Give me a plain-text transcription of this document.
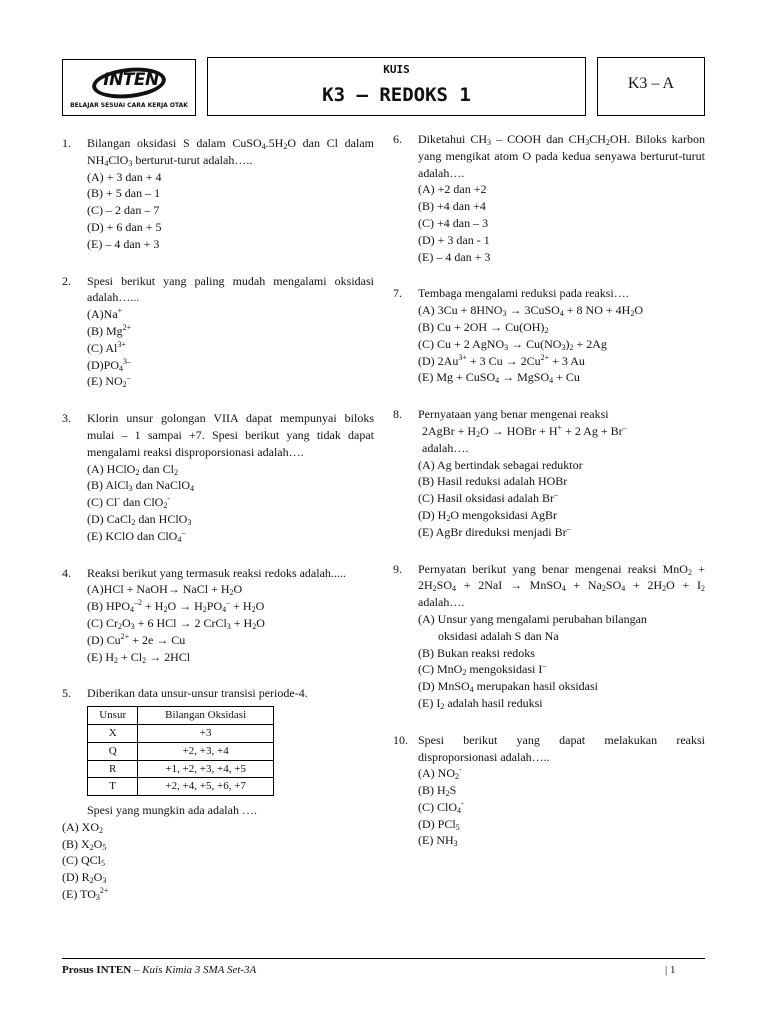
INTEN
BELAJAR SESUAI CARA KERJA OTAK
KUIS
K3 – REDOKS 1
K3 – A
1. Bilangan oksidasi S dalam $CuSO_4.5H_2O$ dan Cl dalam $NH_4ClO_3$ berturut-turut adalah…..
(A) + 3 dan + 4
(B) + 5 dan – 1
(C) – 2 dan – 7
(D) + 6 dan + 5
(E) – 4 dan + 3
2. Spesi berikut yang paling mudah mengalami oksidasi adalah…...
(A)Na+
(B) $Mg^{2+}$
(C) $Al^{3+}$
$(D)PO_4^{3-}$
(E) $NO_2^-$
3. Klorin unsur golongan VIIA dapat mempunyai biloks mulai – 1 sampai +7. Spesi berikut yang tidak dapat mengalami reaksi disproporsionasi adalah….
(A) HClO$_2$ dan $Cl_2$
(B) AlCl$_3$ dan NaClO$_4$
(C) Cl- dan ClO$_2$-
(D) CaCl$_2$ dan HClO$_3$
(E) KClO dan ClO$_4$–
4. Reaksi berikut yang termasuk reaksi redoks adalah.....
(A)HCl + NaOH→ NaCl + $H_2O$
(B) $HPO_4^{-2} + H_2O \to H_2PO_4^- + H_2O$
(C) $Cr_2O_3 + 6$ HCl → 2 CrCl$_3$ + $H_2O$
(D) $Cu^{2+} + 2e \to Cu$
(E) $H_2 + Cl_2 \to 2HCl$
5. Diberikan data unsur-unsur transisi periode-4.
Unsur	Bilangan Oksidasi
X	+3
Q	+2, +3, +4
R	+1, +2, +3, +4, +5
T	+2, +4, +5, +6, +7
Spesi yang mungkin ada adalah ….
(A) $XO_2$
(B) $X_2O_5$
(C) QCl$_5$
(D) $R_2O_3$
(E) $TO_3^{2+}$
6. Diketahui $CH_3$ – COOH dan $CH_3CH_2OH$. Biloks karbon yang mengikat atom O pada kedua senyawa berturut-turut adalah….
(A) +2 dan +2
(B) +4 dan +4
(C) +4 dan – 3
(D) + 3 dan - 1
(E) – 4 dan + 3
7. Tembaga mengalami reduksi pada reaksi….
(A) $3Cu + 8HNO_3$ → 3CuSO$_4$ + 8 NO + $4H_2O$
(B) $Cu + 2OH \to Cu(OH)_2$
(C) Cu + 2 AgNO$_3$ → $Cu(NO_3)_2 + 2Ag$
(D) $2Au^{3+} + 3$ $Cu \to 2Cu^{2+} + 3$ Au
(E) Mg + CuSO$_4$ → MgSO$_4$ + Cu
8. Pernyataan yang benar mengenai reaksi
2AgBr + $H_2O$ → HOBr + H+ + 2 Ag + Br–
adalah….
(A) Ag bertindak sebagai reduktor
(B) Hasil reduksi adalah HOBr
(C) Hasil oksidasi adalah Br–
(D) $H_2O$ mengoksidasi AgBr
(E) AgBr direduksi menjadi Br–
9. Pernyatan berikut yang benar mengenai reaksi $MnO_2 + 2H_2SO_4 + 2NaI$ → MnSO$_4$ + $Na_2SO_4 + 2H_2O + I_2$ adalah….
(A) Unsur yang mengalami perubahan bilangan
oksidasi adalah S dan Na
(B) Bukan reaksi redoks
(C) MnO$_2$ mengoksidasi I–
(D) MnSO$_4$ merupakan hasil oksidasi
(E) $I_2$ adalah hasil reduksi
10. Spesi berikut yang dapat melakukan reaksi disproporsionasi adalah…..
(A) $NO_2^-$
(B) $H_2S$
(C) ClO$_4$-
(D) PCl$_5$
(E) $NH_3$
Prosus INTEN – Kuis Kimia 3 SMA Set-3A	| 1
